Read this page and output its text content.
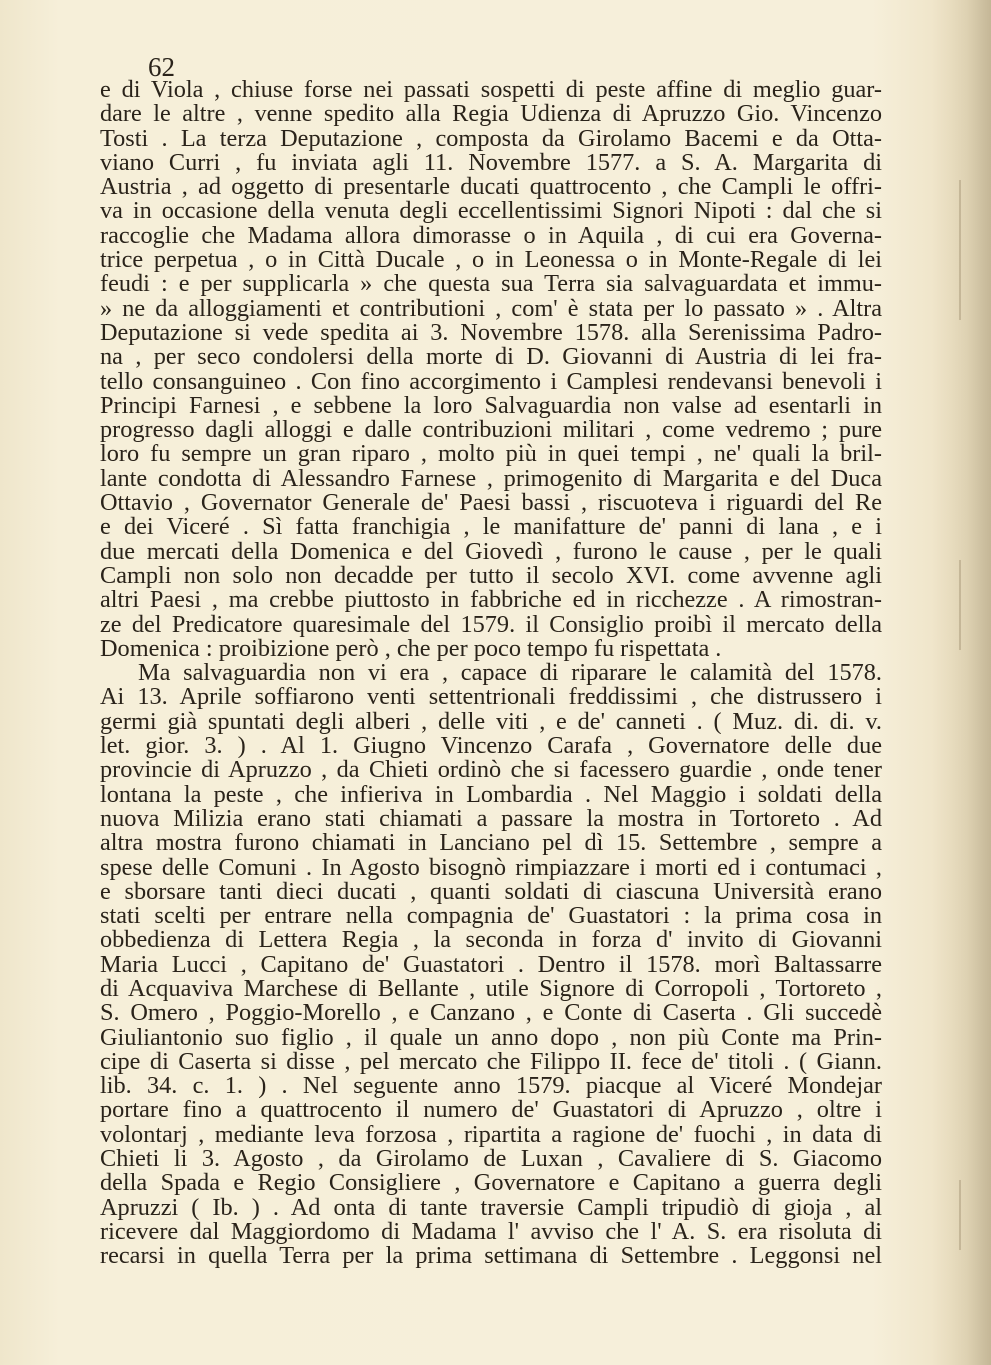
62
e di Viola , chiuse forse nei passati sospetti di peste affine di meglio guar-
dare le altre , venne spedito alla Regia Udienza di Apruzzo Gio. Vincenzo
Tosti . La terza Deputazione , composta da Girolamo Bacemi e da Otta-
viano Curri , fu inviata agli 11. Novembre 1577. a S. A. Margarita di
Austria , ad oggetto di presentarle ducati quattrocento , che Campli le offri-
va in occasione della venuta degli eccellentissimi Signori Nipoti : dal che si
raccoglie che Madama allora dimorasse o in Aquila , di cui era Governa-
trice perpetua , o in Città Ducale , o in Leonessa o in Monte-Regale di lei
feudi : e per supplicarla » che questa sua Terra sia salvaguardata et immu-
» ne da alloggiamenti et contributioni , com' è stata per lo passato » . Altra
Deputazione si vede spedita ai 3. Novembre 1578. alla Serenissima Padro-
na , per seco condolersi della morte di D. Giovanni di Austria di lei fra-
tello consanguineo . Con fino accorgimento i Camplesi rendevansi benevoli i
Principi Farnesi , e sebbene la loro Salvaguardia non valse ad esentarli in
progresso dagli alloggi e dalle contribuzioni militari , come vedremo ; pure
loro fu sempre un gran riparo , molto più in quei tempi , ne' quali la bril-
lante condotta di Alessandro Farnese , primogenito di Margarita e del Duca
Ottavio , Governator Generale de' Paesi bassi , riscuoteva i riguardi del Re
e dei Viceré . Sì fatta franchigia , le manifatture de' panni di lana , e i
due mercati della Domenica e del Giovedì , furono le cause , per le quali
Campli non solo non decadde per tutto il secolo XVI. come avvenne agli
altri Paesi , ma crebbe piuttosto in fabbriche ed in ricchezze . A rimostran-
ze del Predicatore quaresimale del 1579. il Consiglio proibì il mercato della
Domenica : proibizione però , che per poco tempo fu rispettata .
Ma salvaguardia non vi era , capace di riparare le calamità del 1578.
Ai 13. Aprile soffiarono venti settentrionali freddissimi , che distrussero i
germi già spuntati degli alberi , delle viti , e de' canneti . ( Muz. di. di. v.
let. gior. 3. ) . Al 1. Giugno Vincenzo Carafa , Governatore delle due
provincie di Apruzzo , da Chieti ordinò che si facessero guardie , onde tener
lontana la peste , che infieriva in Lombardia . Nel Maggio i soldati della
nuova Milizia erano stati chiamati a passare la mostra in Tortoreto . Ad
altra mostra furono chiamati in Lanciano pel dì 15. Settembre , sempre a
spese delle Comuni . In Agosto bisognò rimpiazzare i morti ed i contumaci ,
e sborsare tanti dieci ducati , quanti soldati di ciascuna Università erano
stati scelti per entrare nella compagnia de' Guastatori : la prima cosa in
obbedienza di Lettera Regia , la seconda in forza d' invito di Giovanni
Maria Lucci , Capitano de' Guastatori . Dentro il 1578. morì Baltassarre
di Acquaviva Marchese di Bellante , utile Signore di Corropoli , Tortoreto ,
S. Omero , Poggio-Morello , e Canzano , e Conte di Caserta . Gli succedè
Giuliantonio suo figlio , il quale un anno dopo , non più Conte ma Prin-
cipe di Caserta si disse , pel mercato che Filippo II. fece de' titoli . ( Giann.
lib. 34. c. 1. ) . Nel seguente anno 1579. piacque al Viceré Mondejar
portare fino a quattrocento il numero de' Guastatori di Apruzzo , oltre i
volontarj , mediante leva forzosa , ripartita a ragione de' fuochi , in data di
Chieti li 3. Agosto , da Girolamo de Luxan , Cavaliere di S. Giacomo
della Spada e Regio Consigliere , Governatore e Capitano a guerra degli
Apruzzi ( Ib. ) . Ad onta di tante traversie Campli tripudiò di gioja , al
ricevere dal Maggiordomo di Madama l' avviso che l' A. S. era risoluta di
recarsi in quella Terra per la prima settimana di Settembre . Leggonsi nel
